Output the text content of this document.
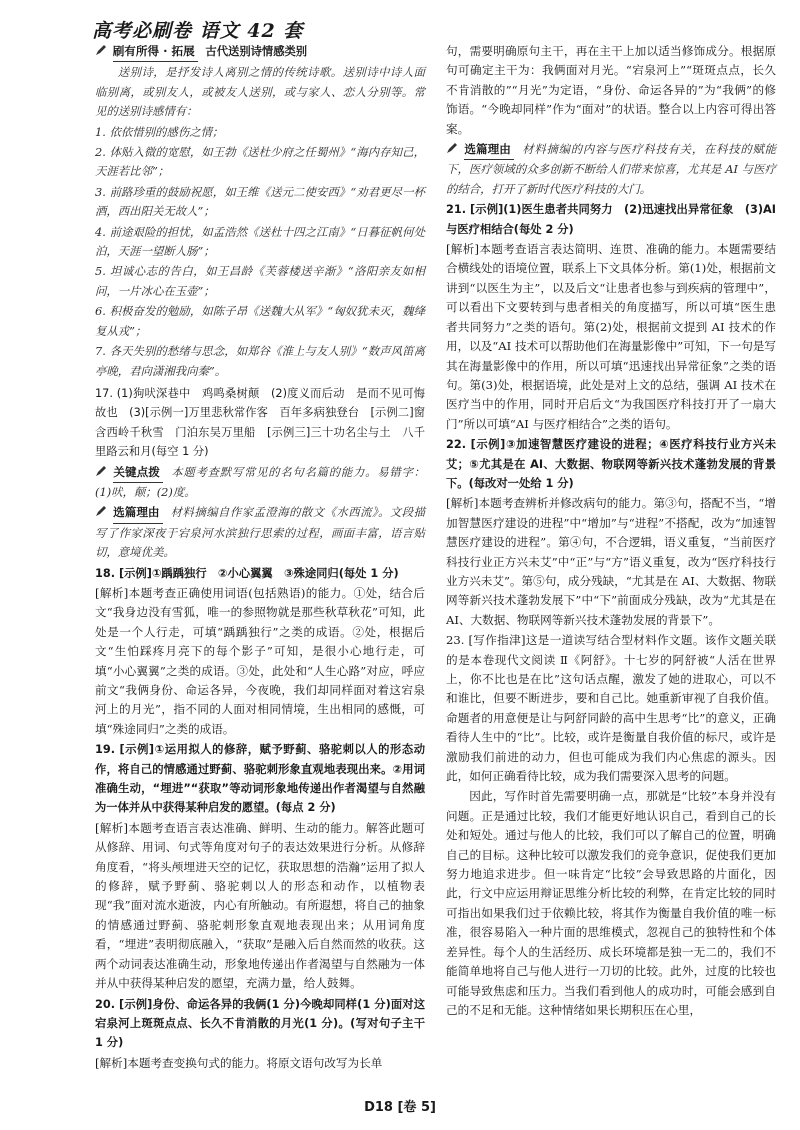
高考必刷卷 语文 42 套

刷有所得 · 拓展 古代送别诗情感类别

送别诗，是抒发诗人离别之情的传统诗歌。送别诗中诗人面临别离，或别友人，或被友人送别，或与家人、恋人分别等。常见的送别诗感情有：

1. 依依惜别的感伤之情；

2. 体贴入微的宽慰，如王勃《送杜少府之任蜀州》“海内存知己，天涯若比邻”；

3. 前路珍重的鼓励祝愿，如王维《送元二使安西》“劝君更尽一杯酒，西出阳关无故人”；

4. 前途艰险的担忧，如孟浩然《送杜十四之江南》“日暮征帆何处泊，天涯一望断人肠”；

5. 坦诚心志的告白，如王昌龄《芙蓉楼送辛渐》“洛阳亲友如相问，一片冰心在玉壶”；

6. 积极奋发的勉励，如陈子昂《送魏大从军》“匈奴犹未灭，魏绛复从戎”；

7. 各天失别的愁绪与思念，如郑谷《淮上与友人别》“数声风笛离亭晚，君向潇湘我向秦”。

17. (1)狗吠深巷中　鸡鸣桑树颠　(2)度义而后动　是而不见可悔故也　(3)[示例一]万里悲秋常作客　百年多病独登台　[示例二]窗含西岭千秋雪　门泊东吴万里船　[示例三]三十功名尘与土　八千里路云和月(每空 1 分)

关键点拨 本题考查默写常见的名句名篇的能力。易错字：(1)吠，颠；(2)度。

选篇理由 材料摘编自作家孟澄海的散文《水西流》。文段描写了作家深夜于宕泉河水滨独行思索的过程，画面丰富，语言贴切，意境优美。

18. [示例]①踽踽独行　②小心翼翼　③殊途同归(每处 1 分)

[解析]本题考查正确使用词语(包括熟语)的能力。①处，结合后文“我身边没有雪狐，唯一的参照物就是那些秋草秋花”可知，此处是一个人行走，可填“踽踽独行”之类的成语。②处，根据后文“生怕踩疼月亮下的每个影子”可知，是很小心地行走，可填“小心翼翼”之类的成语。③处，此处和“人生心路”对应，呼应前文“我俩身份、命运各异，今夜晚，我们却同样面对着这宕泉河上的月光”，指不同的人面对相同情境，生出相同的感慨，可填“殊途同归”之类的成语。

19. [示例]①运用拟人的修辞，赋予野蓟、骆驼刺以人的形态动作，将自己的情感通过野蓟、骆驼刺形象直观地表现出来。②用词准确生动，“埋进”“获取”等动词形象地传递出作者渴望与自然融为一体并从中获得某种启发的愿望。(每点 2 分)

[解析]本题考查语言表达准确、鲜明、生动的能力。解答此题可从修辞、用词、句式等角度对句子的表达效果进行分析。从修辞角度看，“将头颅埋进天空的记忆，获取思想的浩瀚”运用了拟人的修辞，赋予野蓟、骆驼刺以人的形态和动作，以植物表现“我”面对流水逝波，内心有所触动。有所遐想，将自己的抽象的情感通过野蓟、骆驼刺形象直观地表现出来；从用词角度看，“埋进”表明彻底融入，“获取”是融入后自然而然的收获。这两个动词表达准确生动，形象地传递出作者渴望与自然融为一体并从中获得某种启发的愿望，充满力量，给人鼓舞。

20. [示例]身份、命运各异的我俩(1 分)今晚却同样(1 分)面对这宕泉河上斑斑点点、长久不肯消散的月光(1 分)。(写对句子主干 1 分)

[解析]本题考查变换句式的能力。将原文语句改写为长单

句，需要明确原句主干，再在主干上加以适当修饰成分。根据原句可确定主干为：我俩面对月光。“宕泉河上”“斑斑点点，长久不肯消散的”“月光”为定语，“身份、命运各异的”为“我俩”的修饰语。“今晚却同样”作为“面对”的状语。整合以上内容可得出答案。

选篇理由 材料摘编的内容与医疗科技有关，在科技的赋能下，医疗领域的众多创新不断给人们带来惊喜，尤其是 AI 与医疗的结合，打开了新时代医疗科技的大门。

21. [示例](1)医生患者共同努力　(2)迅速找出异常征象　(3)AI 与医疗相结合(每处 2 分)

[解析]本题考查语言表达简明、连贯、准确的能力。本题需要结合横线处的语境位置，联系上下文具体分析。第(1)处，根据前文讲到“以医生为主”，以及后文“让患者也参与到疾病的管理中”，可以看出下文要转到与患者相关的角度描写，所以可填“医生患者共同努力”之类的语句。第(2)处，根据前文提到 AI 技术的作用，以及“AI 技术可以帮助他们在海量影像中”可知，下一句是写其在海量影像中的作用，所以可填“迅速找出异常征象”之类的语句。第(3)处，根据语境，此处是对上文的总结，强调 AI 技术在医疗当中的作用，同时开启后文“为我国医疗科技打开了一扇大门”所以可填“AI 与医疗相结合”之类的语句。

22. [示例]③加速智慧医疗建设的进程；④医疗科技行业方兴未艾；⑤尤其是在 AI、大数据、物联网等新兴技术蓬勃发展的背景下。(每改对一处给 1 分)

[解析]本题考查辨析并修改病句的能力。第③句，搭配不当，“增加智慧医疗建设的进程”中“增加”与“进程”不搭配，改为“加速智慧医疗建设的进程”。第④句，不合逻辑，语义重复，“当前医疗科技行业正方兴未艾”中“正”与“方”语义重复，改为“医疗科技行业方兴未艾”。第⑤句，成分残缺，“尤其是在 AI、大数据、物联网等新兴技术蓬勃发展下”中“下”前面成分残缺，改为“尤其是在 AI、大数据、物联网等新兴技术蓬勃发展的背景下”。

23. [写作指津]这是一道读写结合型材料作文题。该作文题关联的是本卷现代文阅读 Ⅱ《阿舒》。十七岁的阿舒被“人活在世界上，你不比也是在比”这句话点醒，激发了她的进取心，可以不和谁比，但要不断进步，要和自己比。她重新审视了自我价值。命题者的用意便是让与阿舒同龄的高中生思考“比”的意义，正确看待人生中的“比”。比较，或许是衡量自我价值的标尺，或许是激励我们前进的动力，但也可能成为我们内心焦虑的源头。因此，如何正确看待比较，成为我们需要深入思考的问题。

因此，写作时首先需要明确一点，那就是“比较”本身并没有问题。正是通过比较，我们才能更好地认识自己，看到自己的长处和短处。通过与他人的比较，我们可以了解自己的位置，明确自己的目标。这种比较可以激发我们的竞争意识，促使我们更加努力地追求进步。但一味肯定“比较”会导致思路的片面化，因此，行文中应运用辩证思维分析比较的利弊，在肯定比较的同时可指出如果我们过于依赖比较，将其作为衡量自我价值的唯一标准，很容易陷入一种片面的思维模式，忽视自己的独特性和个体差异性。每个人的生活经历、成长环境都是独一无二的，我们不能简单地将自己与他人进行一刀切的比较。此外，过度的比较也可能导致焦虑和压力。当我们看到他人的成功时，可能会感到自己的不足和无能。这种情绪如果长期积压在心里，

D18 [卷 5]
